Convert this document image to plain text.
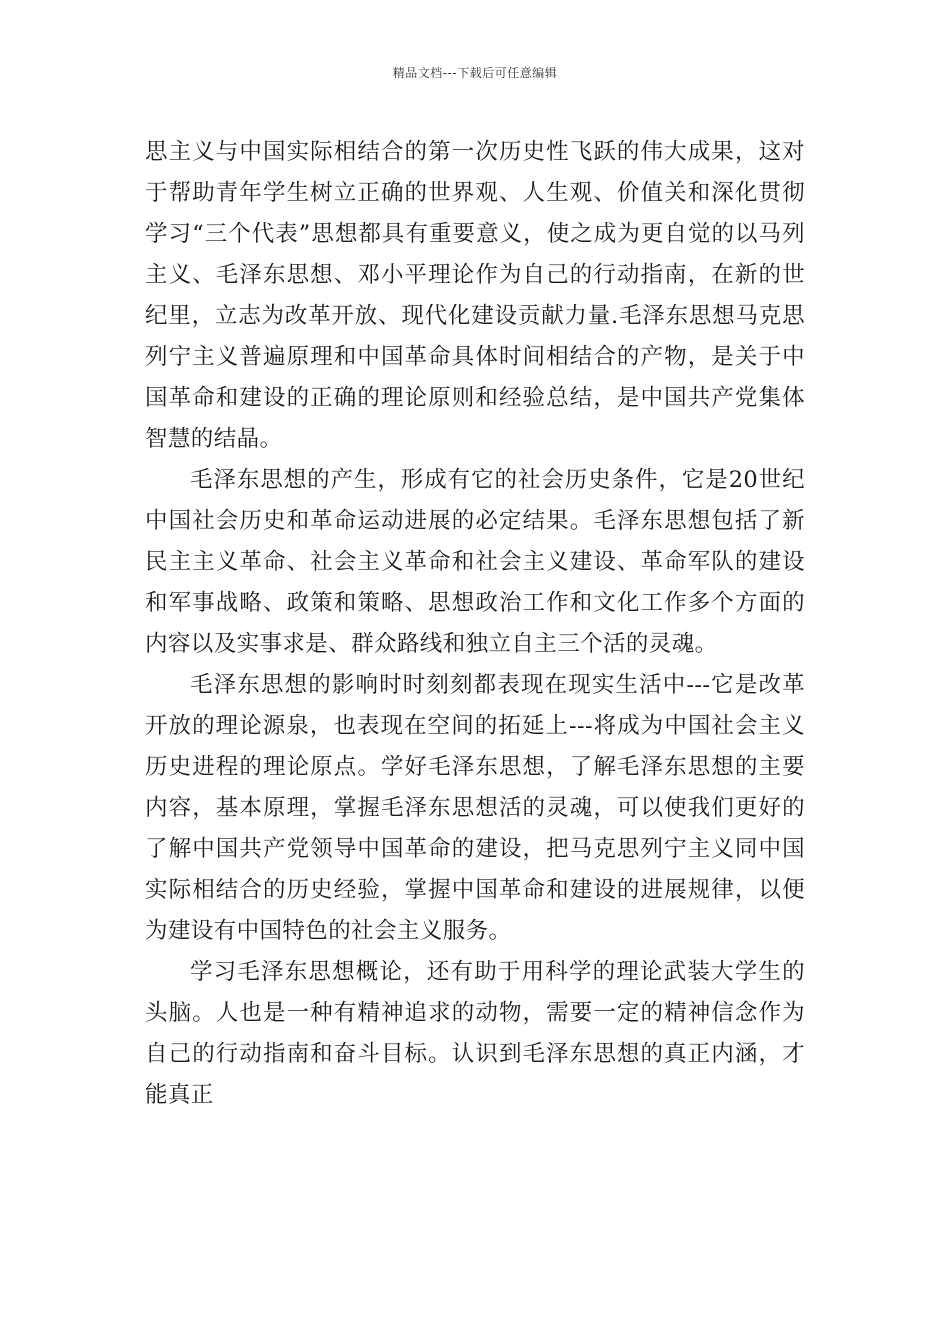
精品文档---下载后可任意编辑

思主义与中国实际相结合的第一次历史性飞跃的伟大成果，这对于帮助青年学生树立正确的世界观、人生观、价值关和深化贯彻学习“三个代表”思想都具有重要意义，使之成为更自觉的以马列主义、毛泽东思想、邓小平理论作为自己的行动指南，在新的世纪里，立志为改革开放、现代化建设贡献力量.毛泽东思想马克思列宁主义普遍原理和中国革命具体时间相结合的产物，是关于中国革命和建设的正确的理论原则和经验总结，是中国共产党集体智慧的结晶。

毛泽东思想的产生，形成有它的社会历史条件，它是20世纪中国社会历史和革命运动进展的必定结果。毛泽东思想包括了新民主主义革命、社会主义革命和社会主义建设、革命军队的建设和军事战略、政策和策略、思想政治工作和文化工作多个方面的内容以及实事求是、群众路线和独立自主三个活的灵魂。

毛泽东思想的影响时时刻刻都表现在现实生活中---它是改革开放的理论源泉，也表现在空间的拓延上---将成为中国社会主义历史进程的理论原点。学好毛泽东思想，了解毛泽东思想的主要内容，基本原理，掌握毛泽东思想活的灵魂，可以使我们更好的了解中国共产党领导中国革命的建设，把马克思列宁主义同中国实际相结合的历史经验，掌握中国革命和建设的进展规律，以便为建设有中国特色的社会主义服务。

学习毛泽东思想概论，还有助于用科学的理论武装大学生的头脑。人也是一种有精神追求的动物，需要一定的精神信念作为自己的行动指南和奋斗目标。认识到毛泽东思想的真正内涵，才能真正
